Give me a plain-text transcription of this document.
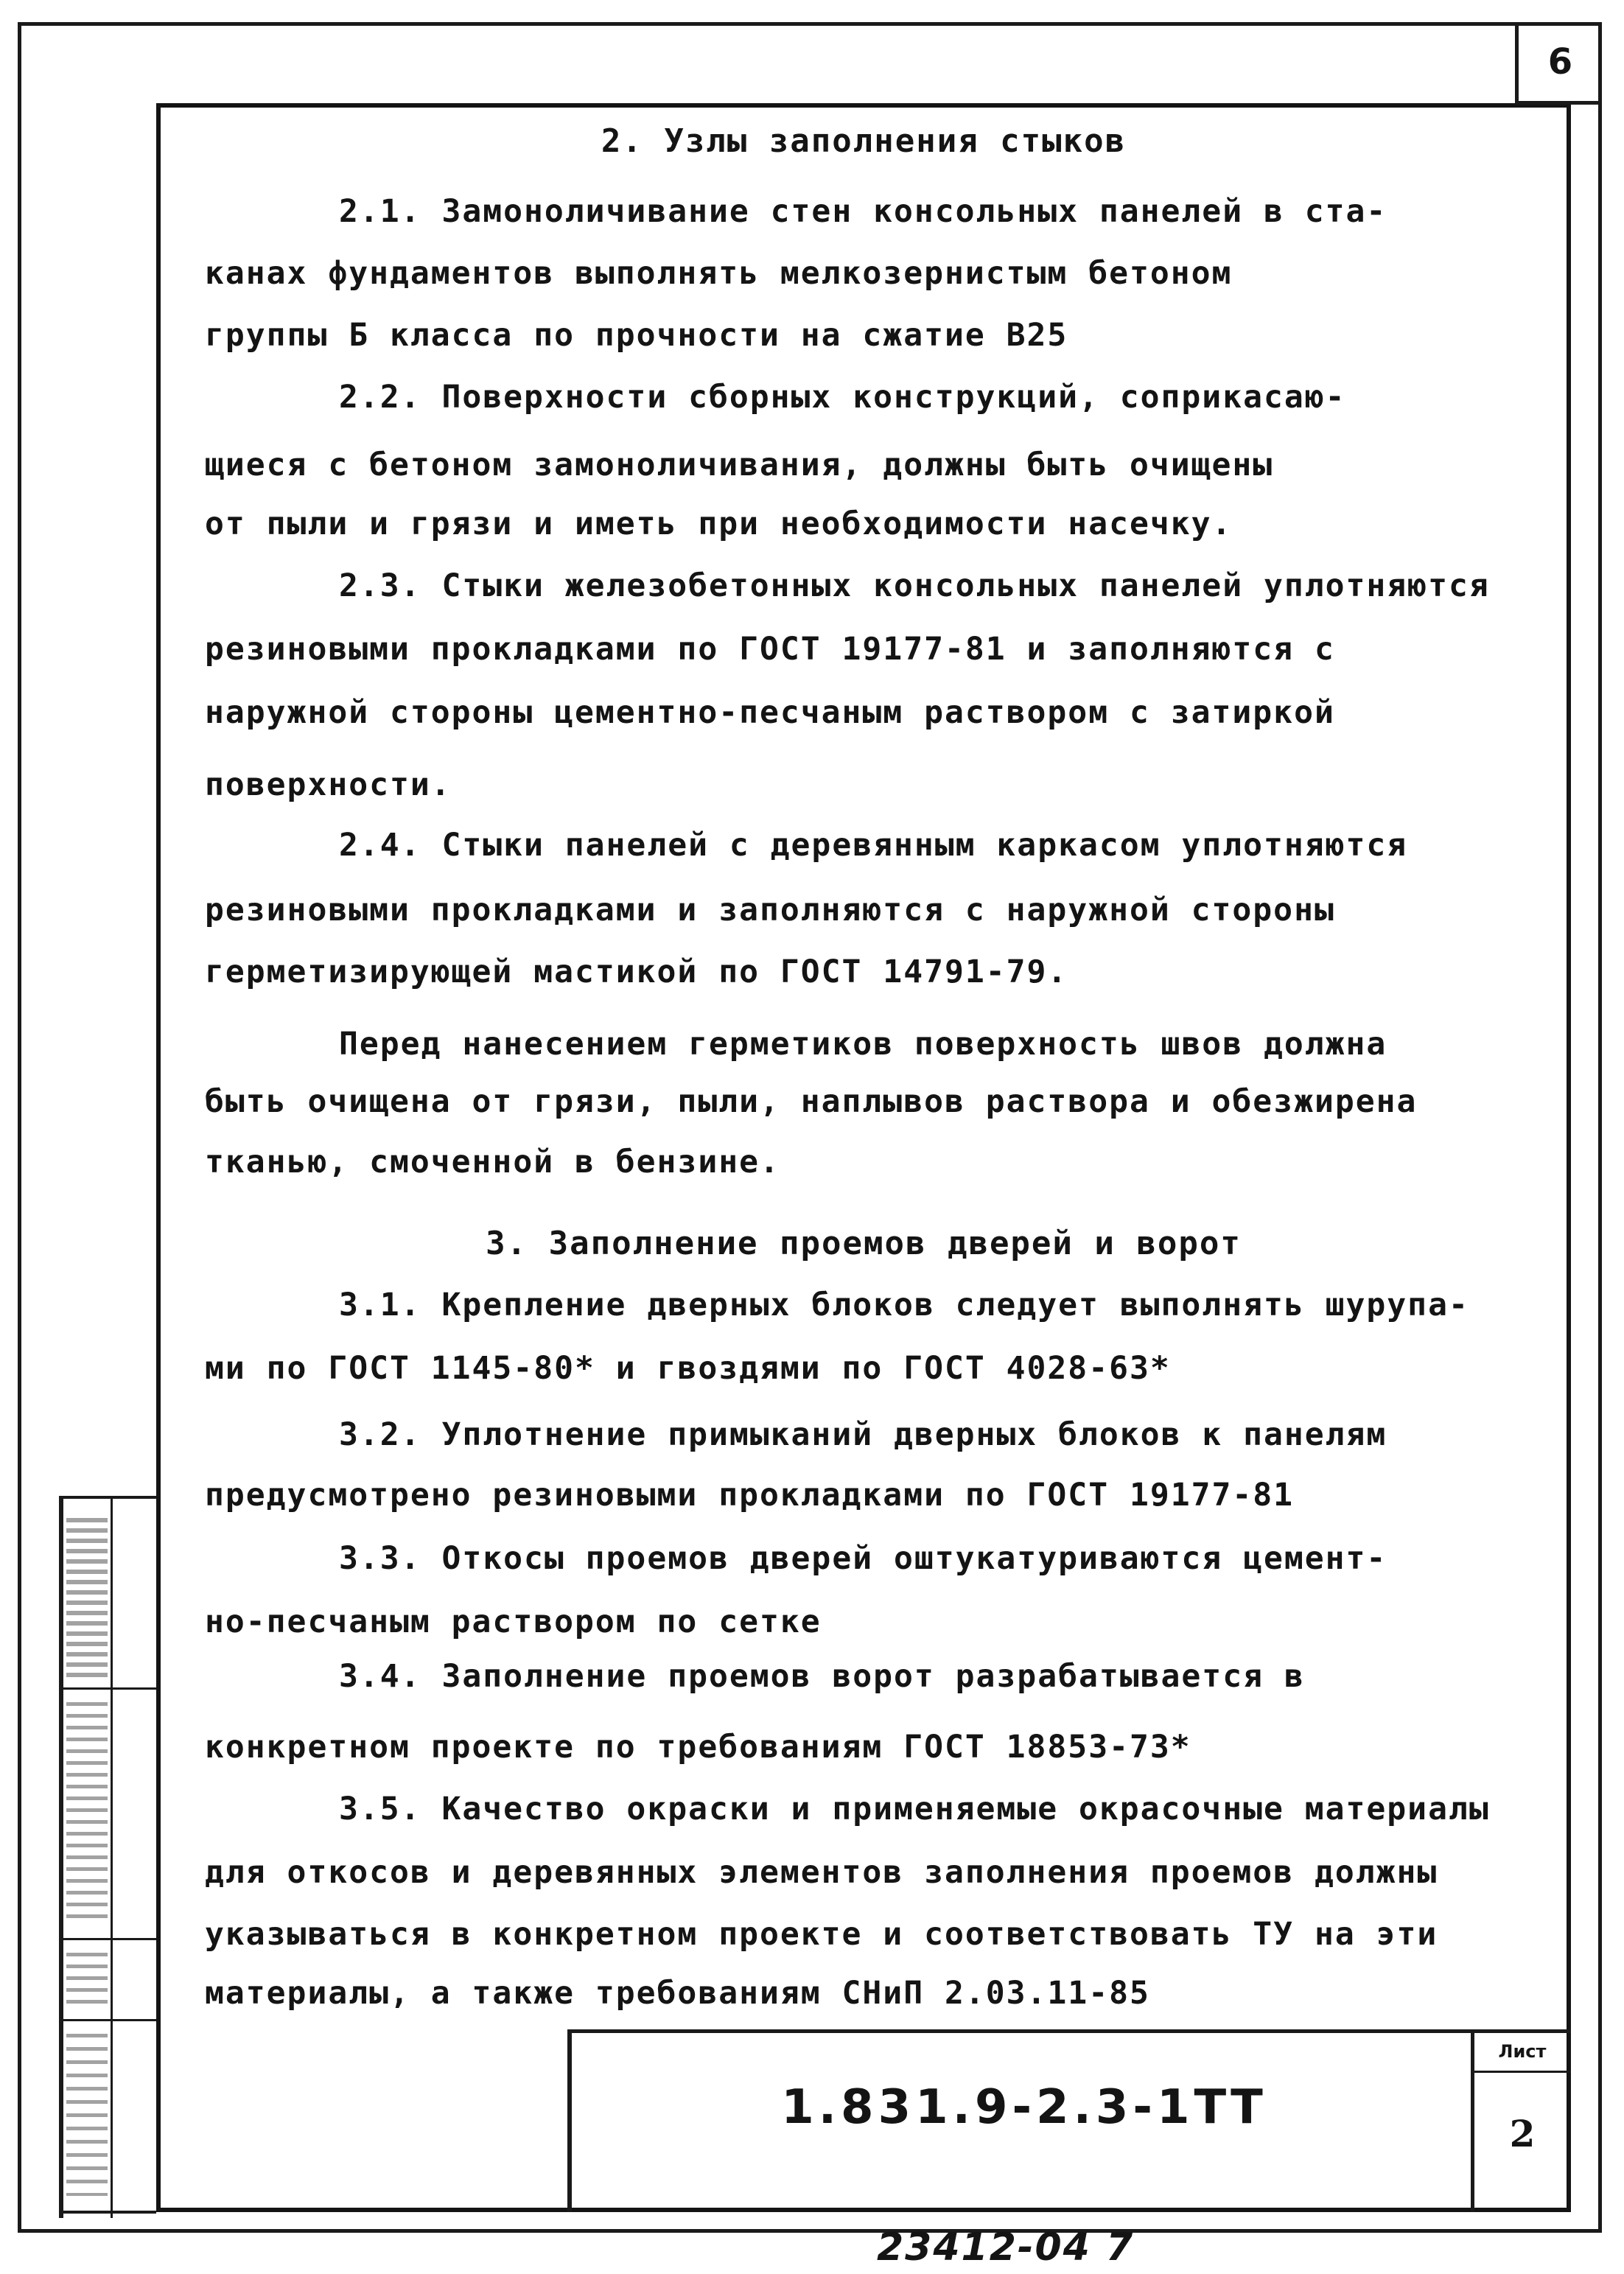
6
2. Узлы заполнения стыков
2.1. Замоноличивание стен консольных панелей в ста-
канах фундаментов выполнять мелкозернистым бетоном
группы Б класса по прочности на сжатие В25
2.2. Поверхности сборных конструкций, соприкасаю-
щиеся с бетоном замоноличивания, должны быть очищены
от пыли и грязи и иметь при необходимости насечку.
2.3. Стыки железобетонных консольных панелей уплотняются
резиновыми прокладками по ГОСТ 19177-81 и заполняются с
наружной стороны цементно-песчаным раствором с затиркой
поверхности.
2.4. Стыки панелей с деревянным каркасом уплотняются
резиновыми прокладками и заполняются с наружной стороны
герметизирующей мастикой по ГОСТ 14791-79.
Перед нанесением герметиков поверхность швов должна
быть очищена от грязи, пыли, наплывов раствора и обезжирена
тканью, смоченной в бензине.
3. Заполнение проемов дверей и ворот
3.1. Крепление дверных блоков следует выполнять шурупа-
ми по ГОСТ 1145-80* и гвоздями по ГОСТ 4028-63*
3.2. Уплотнение примыканий дверных блоков к панелям
предусмотрено резиновыми прокладками по ГОСТ 19177-81
3.3. Откосы проемов дверей оштукатуриваются цемент-
но-песчаным раствором по сетке
3.4. Заполнение проемов ворот разрабатывается в
конкретном проекте по требованиям ГОСТ 18853-73*
3.5. Качество окраски и применяемые окрасочные материалы
для откосов и деревянных элементов заполнения проемов должны
указываться в конкретном проекте и соответствовать ТУ на эти
материалы, а также требованиям СНиП 2.03.11-85
1.831.9-2.3-1ТТ
Лист
2
23412-04 7
